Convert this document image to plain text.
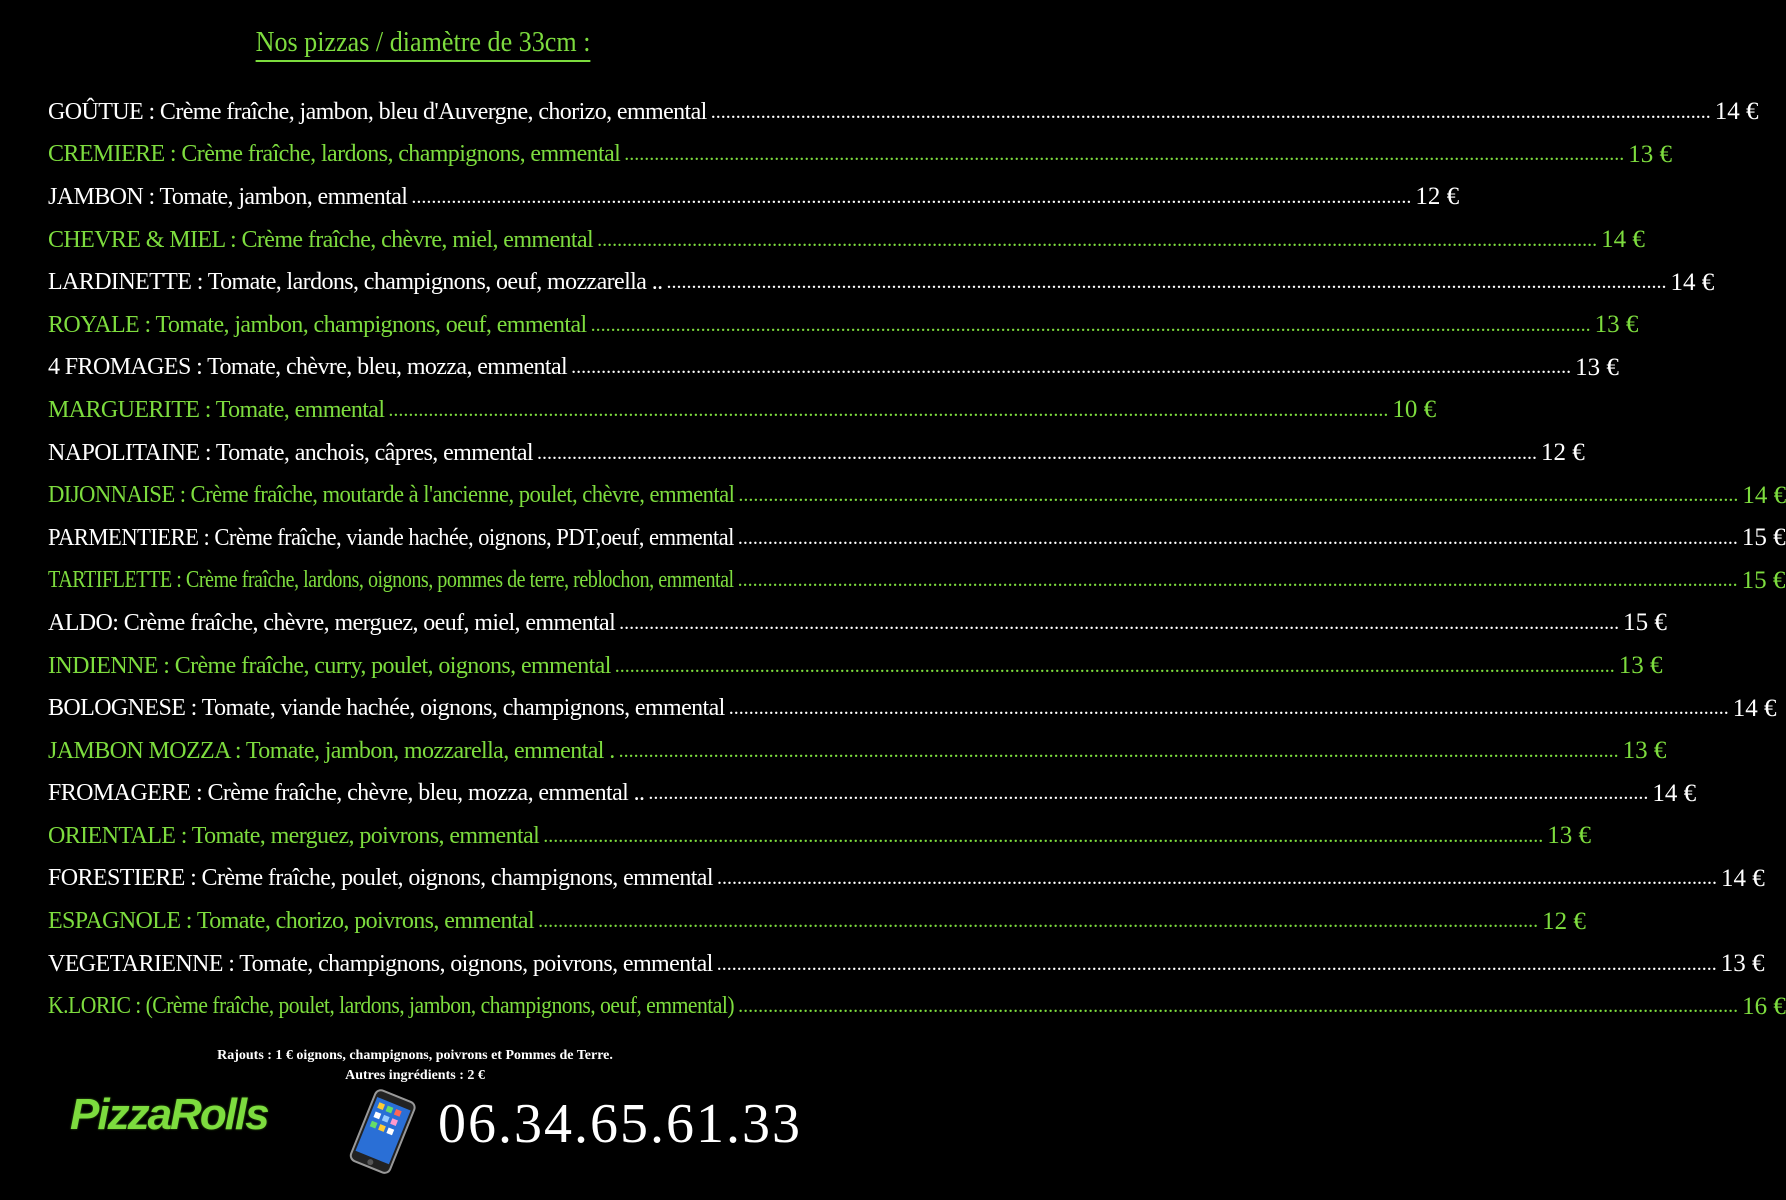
Nos pizzas / diamètre de 33cm :
GOÛTUE : Crème fraîche, jambon, bleu d'Auvergne, chorizo, emmental ........................................................................................................................................................................................................ 14 €
CREMIERE : Crème fraîche, lardons, champignons, emmental ........................................................................................................................................................................................................ 13 €
JAMBON : Tomate, jambon, emmental ........................................................................................................................................................................................................ 12 €
CHEVRE & MIEL : Crème fraîche, chèvre, miel, emmental ........................................................................................................................................................................................................ 14 €
LARDINETTE : Tomate, lardons, champignons, oeuf, mozzarella .. ........................................................................................................................................................................................................ 14 €
ROYALE : Tomate, jambon, champignons, oeuf, emmental ........................................................................................................................................................................................................ 13 €
4 FROMAGES : Tomate, chèvre, bleu, mozza, emmental ........................................................................................................................................................................................................ 13 €
MARGUERITE : Tomate, emmental ........................................................................................................................................................................................................ 10 €
NAPOLITAINE : Tomate, anchois, câpres, emmental ........................................................................................................................................................................................................ 12 €
DIJONNAISE : Crème fraîche, moutarde à l'ancienne, poulet, chèvre, emmental ........................................................................................................................................................................................................ 14 €
PARMENTIERE : Crème fraîche, viande hachée, oignons, PDT,oeuf, emmental ........................................................................................................................................................................................................ 15 €
TARTIFLETTE : Crème fraîche, lardons, oignons, pommes de terre, reblochon, emmental ........................................................................................................................................................................................................ 15 €
ALDO: Crème fraîche, chèvre, merguez, oeuf, miel, emmental ........................................................................................................................................................................................................ 15 €
INDIENNE : Crème fraîche, curry, poulet, oignons, emmental ........................................................................................................................................................................................................ 13 €
BOLOGNESE : Tomate, viande hachée, oignons, champignons, emmental ........................................................................................................................................................................................................ 14 €
JAMBON MOZZA : Tomate, jambon, mozzarella, emmental . ........................................................................................................................................................................................................ 13 €
FROMAGERE : Crème fraîche, chèvre, bleu, mozza, emmental .. ........................................................................................................................................................................................................ 14 €
ORIENTALE : Tomate, merguez, poivrons, emmental ........................................................................................................................................................................................................ 13 €
FORESTIERE : Crème fraîche, poulet, oignons, champignons, emmental ........................................................................................................................................................................................................ 14 €
ESPAGNOLE : Tomate, chorizo, poivrons, emmental ........................................................................................................................................................................................................ 12 €
VEGETARIENNE : Tomate, champignons, oignons, poivrons, emmental ........................................................................................................................................................................................................ 13 €
K.LORIC : (Crème fraîche, poulet, lardons, jambon, champignons, oeuf, emmental) ........................................................................................................................................................................................................ 16 €
Rajouts : 1 € oignons, champignons, poivrons et Pommes de Terre.
Autres ingrédients : 2 €
PizzaRolls	06.34.65.61.33
